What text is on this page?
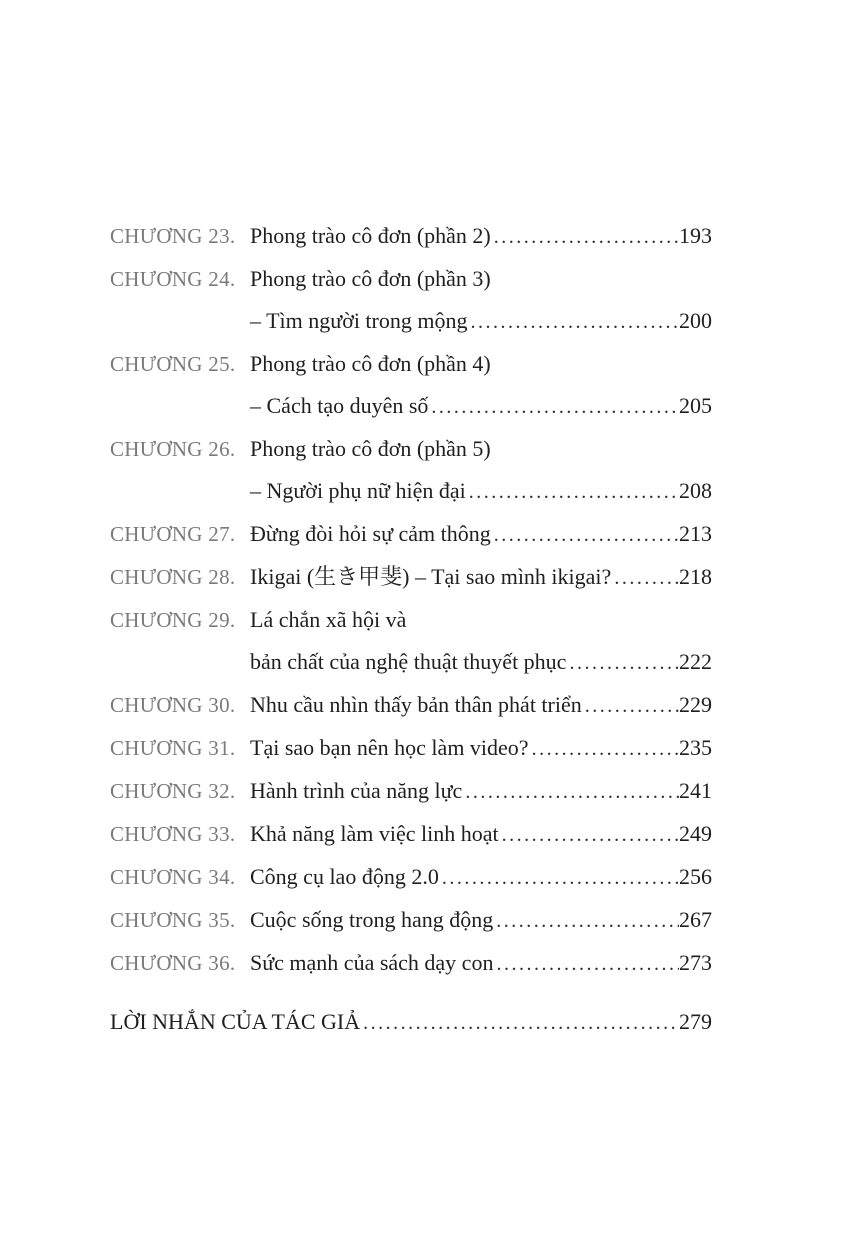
CHƯƠNG 23. Phong trào cô đơn (phần 2) .....	193
CHƯƠNG 24. Phong trào cô đơn (phần 3)
– Tìm người trong mộng .....	200
CHƯƠNG 25. Phong trào cô đơn (phần 4)
– Cách tạo duyên số .....	205
CHƯƠNG 26. Phong trào cô đơn (phần 5)
– Người phụ nữ hiện đại .....	208
CHƯƠNG 27. Đừng đòi hỏi sự cảm thông .....	213
CHƯƠNG 28. Ikigai (生き甲斐) – Tại sao mình ikigai? .....	218
CHƯƠNG 29. Lá chắn xã hội và
bản chất của nghệ thuật thuyết phục .....	222
CHƯƠNG 30. Nhu cầu nhìn thấy bản thân phát triển .....	229
CHƯƠNG 31. Tại sao bạn nên học làm video? .....	235
CHƯƠNG 32. Hành trình của năng lực .....	241
CHƯƠNG 33. Khả năng làm việc linh hoạt .....	249
CHƯƠNG 34. Công cụ lao động 2.0 .....	256
CHƯƠNG 35. Cuộc sống trong hang động .....	267
CHƯƠNG 36. Sức mạnh của sách dạy con .....	273
LỜI NHẮN CỦA TÁC GIẢ .....	279
